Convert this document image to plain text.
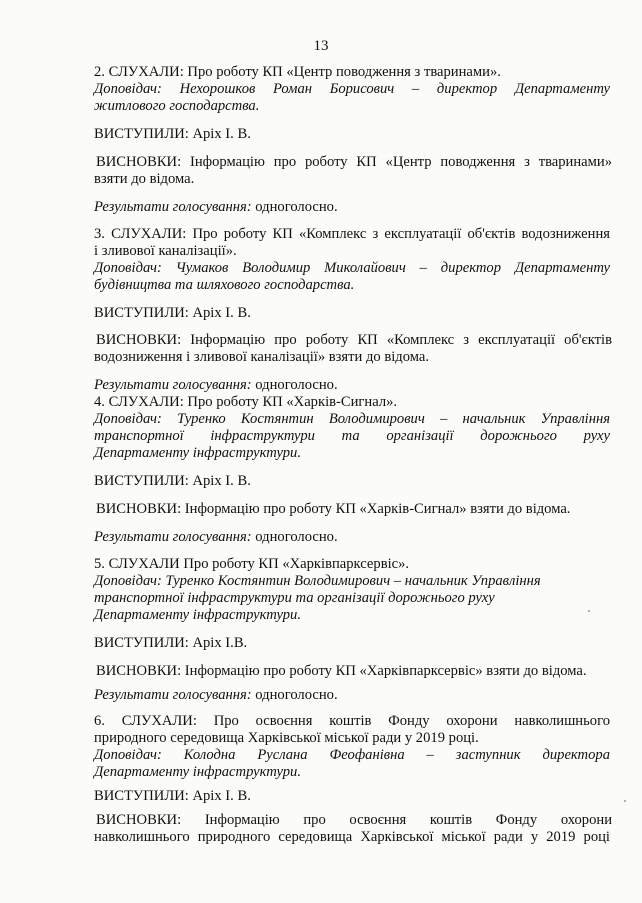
13
2. СЛУХАЛИ: Про роботу КП «Центр поводження з тваринами».
Доповідач: Нехорошков Роман Борисович – директор Департаменту
житлового господарства.
ВИСТУПИЛИ: Аріх І. В.
ВИСНОВКИ: Інформацію про роботу КП «Центр поводження з тваринами»
взяти до відома.
Результати голосування: одноголосно.
3. СЛУХАЛИ: Про роботу КП «Комплекс з експлуатації об'єктів водозниження
і зливової каналізації».
Доповідач: Чумаков Володимир Миколайович – директор Департаменту
будівництва та шляхового господарства.
ВИСТУПИЛИ: Аріх І. В.
ВИСНОВКИ: Інформацію про роботу КП «Комплекс з експлуатації об'єктів
водозниження і зливової каналізації» взяти до відома.
Результати голосування: одноголосно.
4. СЛУХАЛИ: Про роботу КП «Харків-Сигнал».
Доповідач: Туренко Костянтин Володимирович – начальник Управління
транспортної інфраструктури та організації дорожнього руху
Департаменту інфраструктури.
ВИСТУПИЛИ: Аріх І. В.
ВИСНОВКИ: Інформацію про роботу КП «Харків-Сигнал» взяти до відома.
Результати голосування: одноголосно.
5. СЛУХАЛИ Про роботу КП «Харківпарксервіс».
Доповідач: Туренко Костянтин Володимирович – начальник Управління
транспортної інфраструктури та організації дорожнього руху
Департаменту інфраструктури.
ВИСТУПИЛИ: Аріх І.В.
ВИСНОВКИ: Інформацію про роботу КП «Харківпарксервіс» взяти до відома.
Результати голосування: одноголосно.
6. СЛУХАЛИ: Про освоєння коштів Фонду охорони навколишнього
природного середовища Харківської міської ради у 2019 році.
Доповідач: Колодна Руслана Феофанівна – заступник директора
Департаменту інфраструктури.
ВИСТУПИЛИ: Аріх І. В.
ВИСНОВКИ: Інформацію про освоєння коштів Фонду охорони
навколишнього природного середовища Харківської міської ради у 2019 році
